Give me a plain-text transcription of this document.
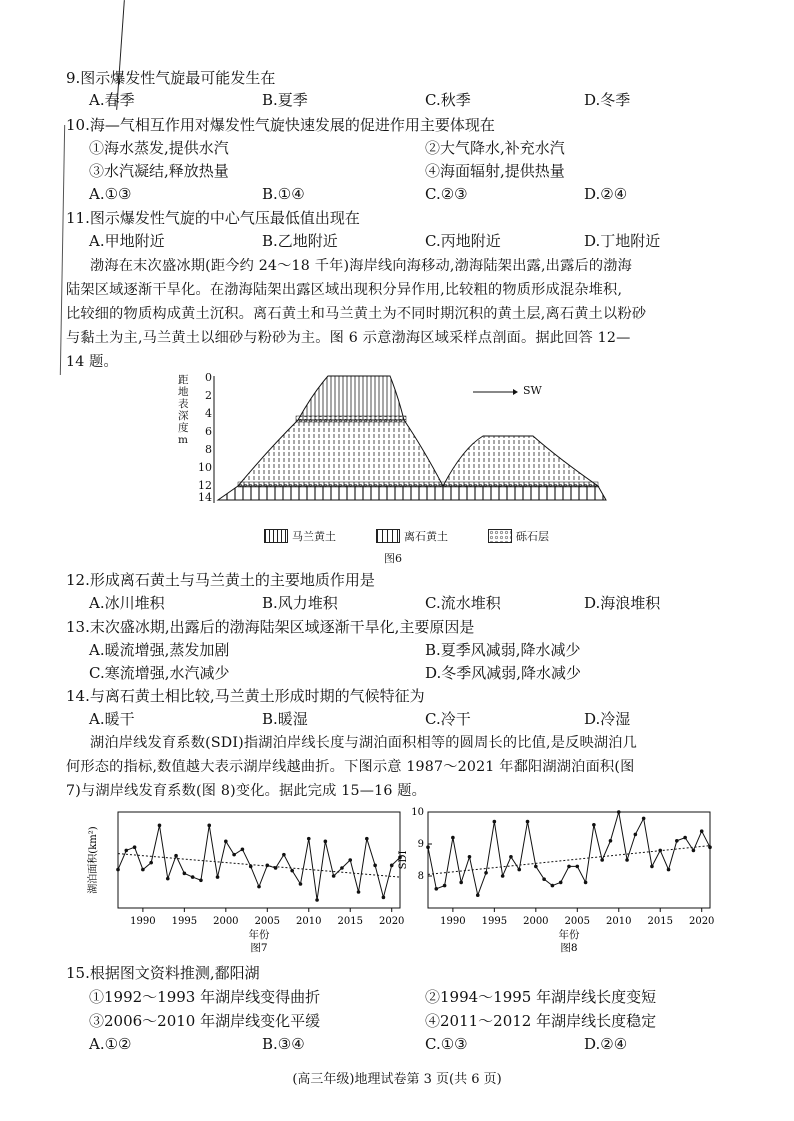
9.图示爆发性气旋最可能发生在
A.春季	B.夏季	C.秋季	D.冬季
10.海—气相互作用对爆发性气旋快速发展的促进作用主要体现在
①海水蒸发,提供水汽	②大气降水,补充水汽
③水汽凝结,释放热量	④海面辐射,提供热量
A.①③	B.①④	C.②③	D.②④
11.图示爆发性气旋的中心气压最低值出现在
A.甲地附近	B.乙地附近	C.丙地附近	D.丁地附近
渤海在末次盛冰期(距今约 24～18 千年)海岸线向海移动,渤海陆架出露,出露后的渤海
陆架区域逐渐干旱化。在渤海陆架出露区域出现积分异作用,比较粗的物质形成混杂堆积,
比较细的物质构成黄土沉积。离石黄土和马兰黄土为不同时期沉积的黄土层,离石黄土以粉砂
与黏土为主,马兰黄土以细砂与粉砂为主。图 6 示意渤海区域采样点剖面。据此回答 12—
14 题。
距地表深度m
0
2
4
6
8
10
12
14
SW
马兰黄土	离石黄土	砾石层
图6
12.形成离石黄土与马兰黄土的主要地质作用是
A.冰川堆积	B.风力堆积	C.流水堆积	D.海浪堆积
13.末次盛冰期,出露后的渤海陆架区域逐渐干旱化,主要原因是
A.暖流增强,蒸发加剧	B.夏季风减弱,降水减少
C.寒流增强,水汽减少	D.冬季风减弱,降水减少
14.与离石黄土相比较,马兰黄土形成时期的气候特征为
A.暖干	B.暖湿	C.冷干	D.冷湿
湖泊岸线发育系数(SDI)指湖泊岸线长度与湖泊面积相等的圆周长的比值,是反映湖泊几
何形态的指标,数值越大表示湖岸线越曲折。下图示意 1987～2021 年鄱阳湖湖泊面积(图
7)与湖岸线发育系数(图 8)变化。据此完成 15—16 题。
1990 1995 2000 2005 2010 2015 2020
湖泊面积(km²)
年份
图7
1990 1995 2000 2005 2010 2015 2020
8
9
10
SDI
年份
图8
15.根据图文资料推测,鄱阳湖
①1992～1993 年湖岸线变得曲折	②1994～1995 年湖岸线长度变短
③2006～2010 年湖岸线变化平缓	④2011～2012 年湖岸线长度稳定
A.①②	B.③④	C.①③	D.②④
(高三年级)地理试卷第 3 页(共 6 页)
